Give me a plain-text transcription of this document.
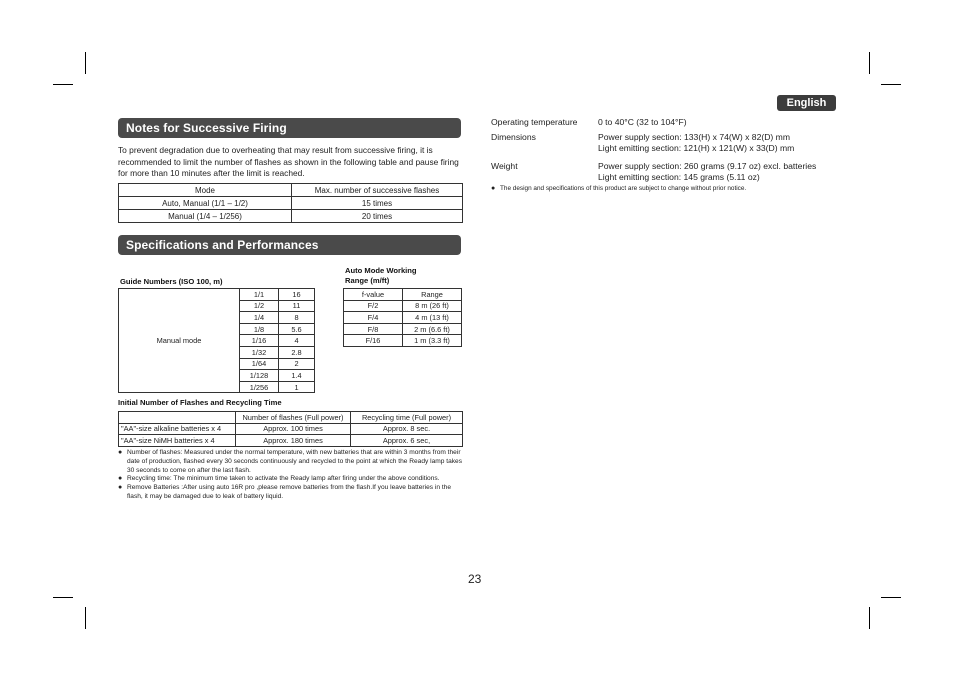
English
Notes for Successive Firing
To prevent degradation due to overheating that may result from successive firing, it is recommended to limit the number of flashes as shown in the following table and pause firing for more than 10 minutes after the limit is reached.
Mode	Max. number of successive flashes
Auto, Manual (1/1 – 1/2)	15 times
Manual (1/4 – 1/256)	20 times
Specifications and Performances
Guide Numbers (ISO 100, m)
Manual mode	1/1	16
	1/2	11
	1/4	8
	1/8	5.6
	1/16	4
	1/32	2.8
	1/64	2
	1/128	1.4
	1/256	1
Auto Mode Working
Range (m/ft)
f-value	Range
F/2	8 m (26 ft)
F/4	4 m (13 ft)
F/8	2 m (6.6 ft)
F/16	1 m (3.3 ft)
Initial Number of Flashes and Recycling Time
	Number of flashes (Full power)	Recycling time (Full power)
"AA"-size alkaline batteries x 4	Approx. 100 times	Approx. 8 sec.
"AA"-size NiMH batteries x 4	Approx. 180 times	Approx. 6 sec,
● Number of flashes: Measured under the normal temperature, with new batteries that are within 3 months from their date of production, flashed every 30 seconds continuously and recycled to the point at which the Ready lamp takes 30 seconds to come on after the last flash.
● Recycling time: The minimum time taken to activate the Ready lamp after firing under the above conditions.
● Remove Batteries :After using auto 16R pro ,please remove batteries from the flash.If you leave batteries in the flash, it may be damaged due to leak of battery liquid.
Operating temperature	0 to 40°C (32 to 104°F)
Dimensions	Power supply section: 133(H) x 74(W) x 82(D) mm
Light emitting section: 121(H) x 121(W) x 33(D) mm
Weight	Power supply section: 260 grams (9.17 oz) excl. batteries
Light emitting section: 145 grams (5.11 oz)
● The design and specifications of this product are subject to change without prior notice.
23
